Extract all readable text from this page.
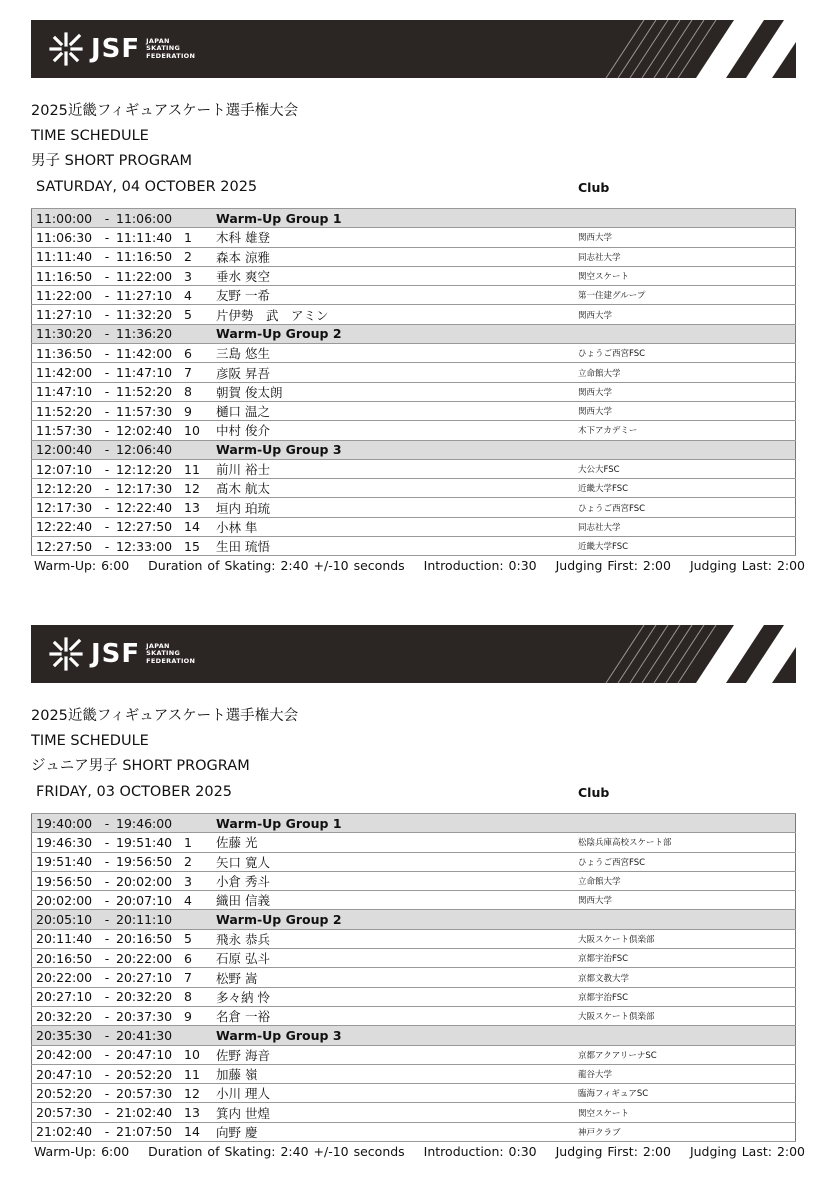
JSF JAPAN
SKATING
FEDERATION
2025近畿フィギュアスケート選手権大会
TIME SCHEDULE
男子 SHORT PROGRAM
SATURDAY, 04 OCTOBER 2025	Club
11:00:00	-	11:06:00		Warm-Up Group 1	
11:06:30	-	11:11:40	1	木科 雄登	関西大学
11:11:40	-	11:16:50	2	森本 涼雅	同志社大学
11:16:50	-	11:22:00	3	垂水 爽空	関空スケート
11:22:00	-	11:27:10	4	友野 一希	第一住建グループ
11:27:10	-	11:32:20	5	片伊勢　武　アミン	関西大学
11:30:20	-	11:36:20		Warm-Up Group 2	
11:36:50	-	11:42:00	6	三島 悠生	ひょうご西宮FSC
11:42:00	-	11:47:10	7	彦阪 昇吾	立命館大学
11:47:10	-	11:52:20	8	朝賀 俊太朗	関西大学
11:52:20	-	11:57:30	9	樋口 温之	関西大学
11:57:30	-	12:02:40	10	中村 俊介	木下アカデミー
12:00:40	-	12:06:40		Warm-Up Group 3	
12:07:10	-	12:12:20	11	前川 裕士	大公大FSC
12:12:20	-	12:17:30	12	髙木 航太	近畿大学FSC
12:17:30	-	12:22:40	13	垣内 珀琉	ひょうご西宮FSC
12:22:40	-	12:27:50	14	小林 隼	同志社大学
12:27:50	-	12:33:00	15	生田 琉悟	近畿大学FSC
Warm-Up: 6:00 Duration of Skating: 2:40 +/-10 seconds Introduction: 0:30 Judging First: 2:00 Judging Last: 2:00
JSF JAPAN
SKATING
FEDERATION
2025近畿フィギュアスケート選手権大会
TIME SCHEDULE
ジュニア男子 SHORT PROGRAM
FRIDAY, 03 OCTOBER 2025	Club
19:40:00	-	19:46:00		Warm-Up Group 1	
19:46:30	-	19:51:40	1	佐藤 光	松陰兵庫高校スケート部
19:51:40	-	19:56:50	2	矢口 寛人	ひょうご西宮FSC
19:56:50	-	20:02:00	3	小倉 秀斗	立命館大学
20:02:00	-	20:07:10	4	織田 信義	関西大学
20:05:10	-	20:11:10		Warm-Up Group 2	
20:11:40	-	20:16:50	5	飛永 恭兵	大阪スケート倶楽部
20:16:50	-	20:22:00	6	石原 弘斗	京都宇治FSC
20:22:00	-	20:27:10	7	松野 嵩	京都文教大学
20:27:10	-	20:32:20	8	多々納 怜	京都宇治FSC
20:32:20	-	20:37:30	9	名倉 一裕	大阪スケート倶楽部
20:35:30	-	20:41:30		Warm-Up Group 3	
20:42:00	-	20:47:10	10	佐野 海音	京都アクアリーナSC
20:47:10	-	20:52:20	11	加藤 嶺	龍谷大学
20:52:20	-	20:57:30	12	小川 理人	臨海フィギュアSC
20:57:30	-	21:02:40	13	箕内 世煌	関空スケート
21:02:40	-	21:07:50	14	向野 慶	神戸クラブ
Warm-Up: 6:00 Duration of Skating: 2:40 +/-10 seconds Introduction: 0:30 Judging First: 2:00 Judging Last: 2:00
